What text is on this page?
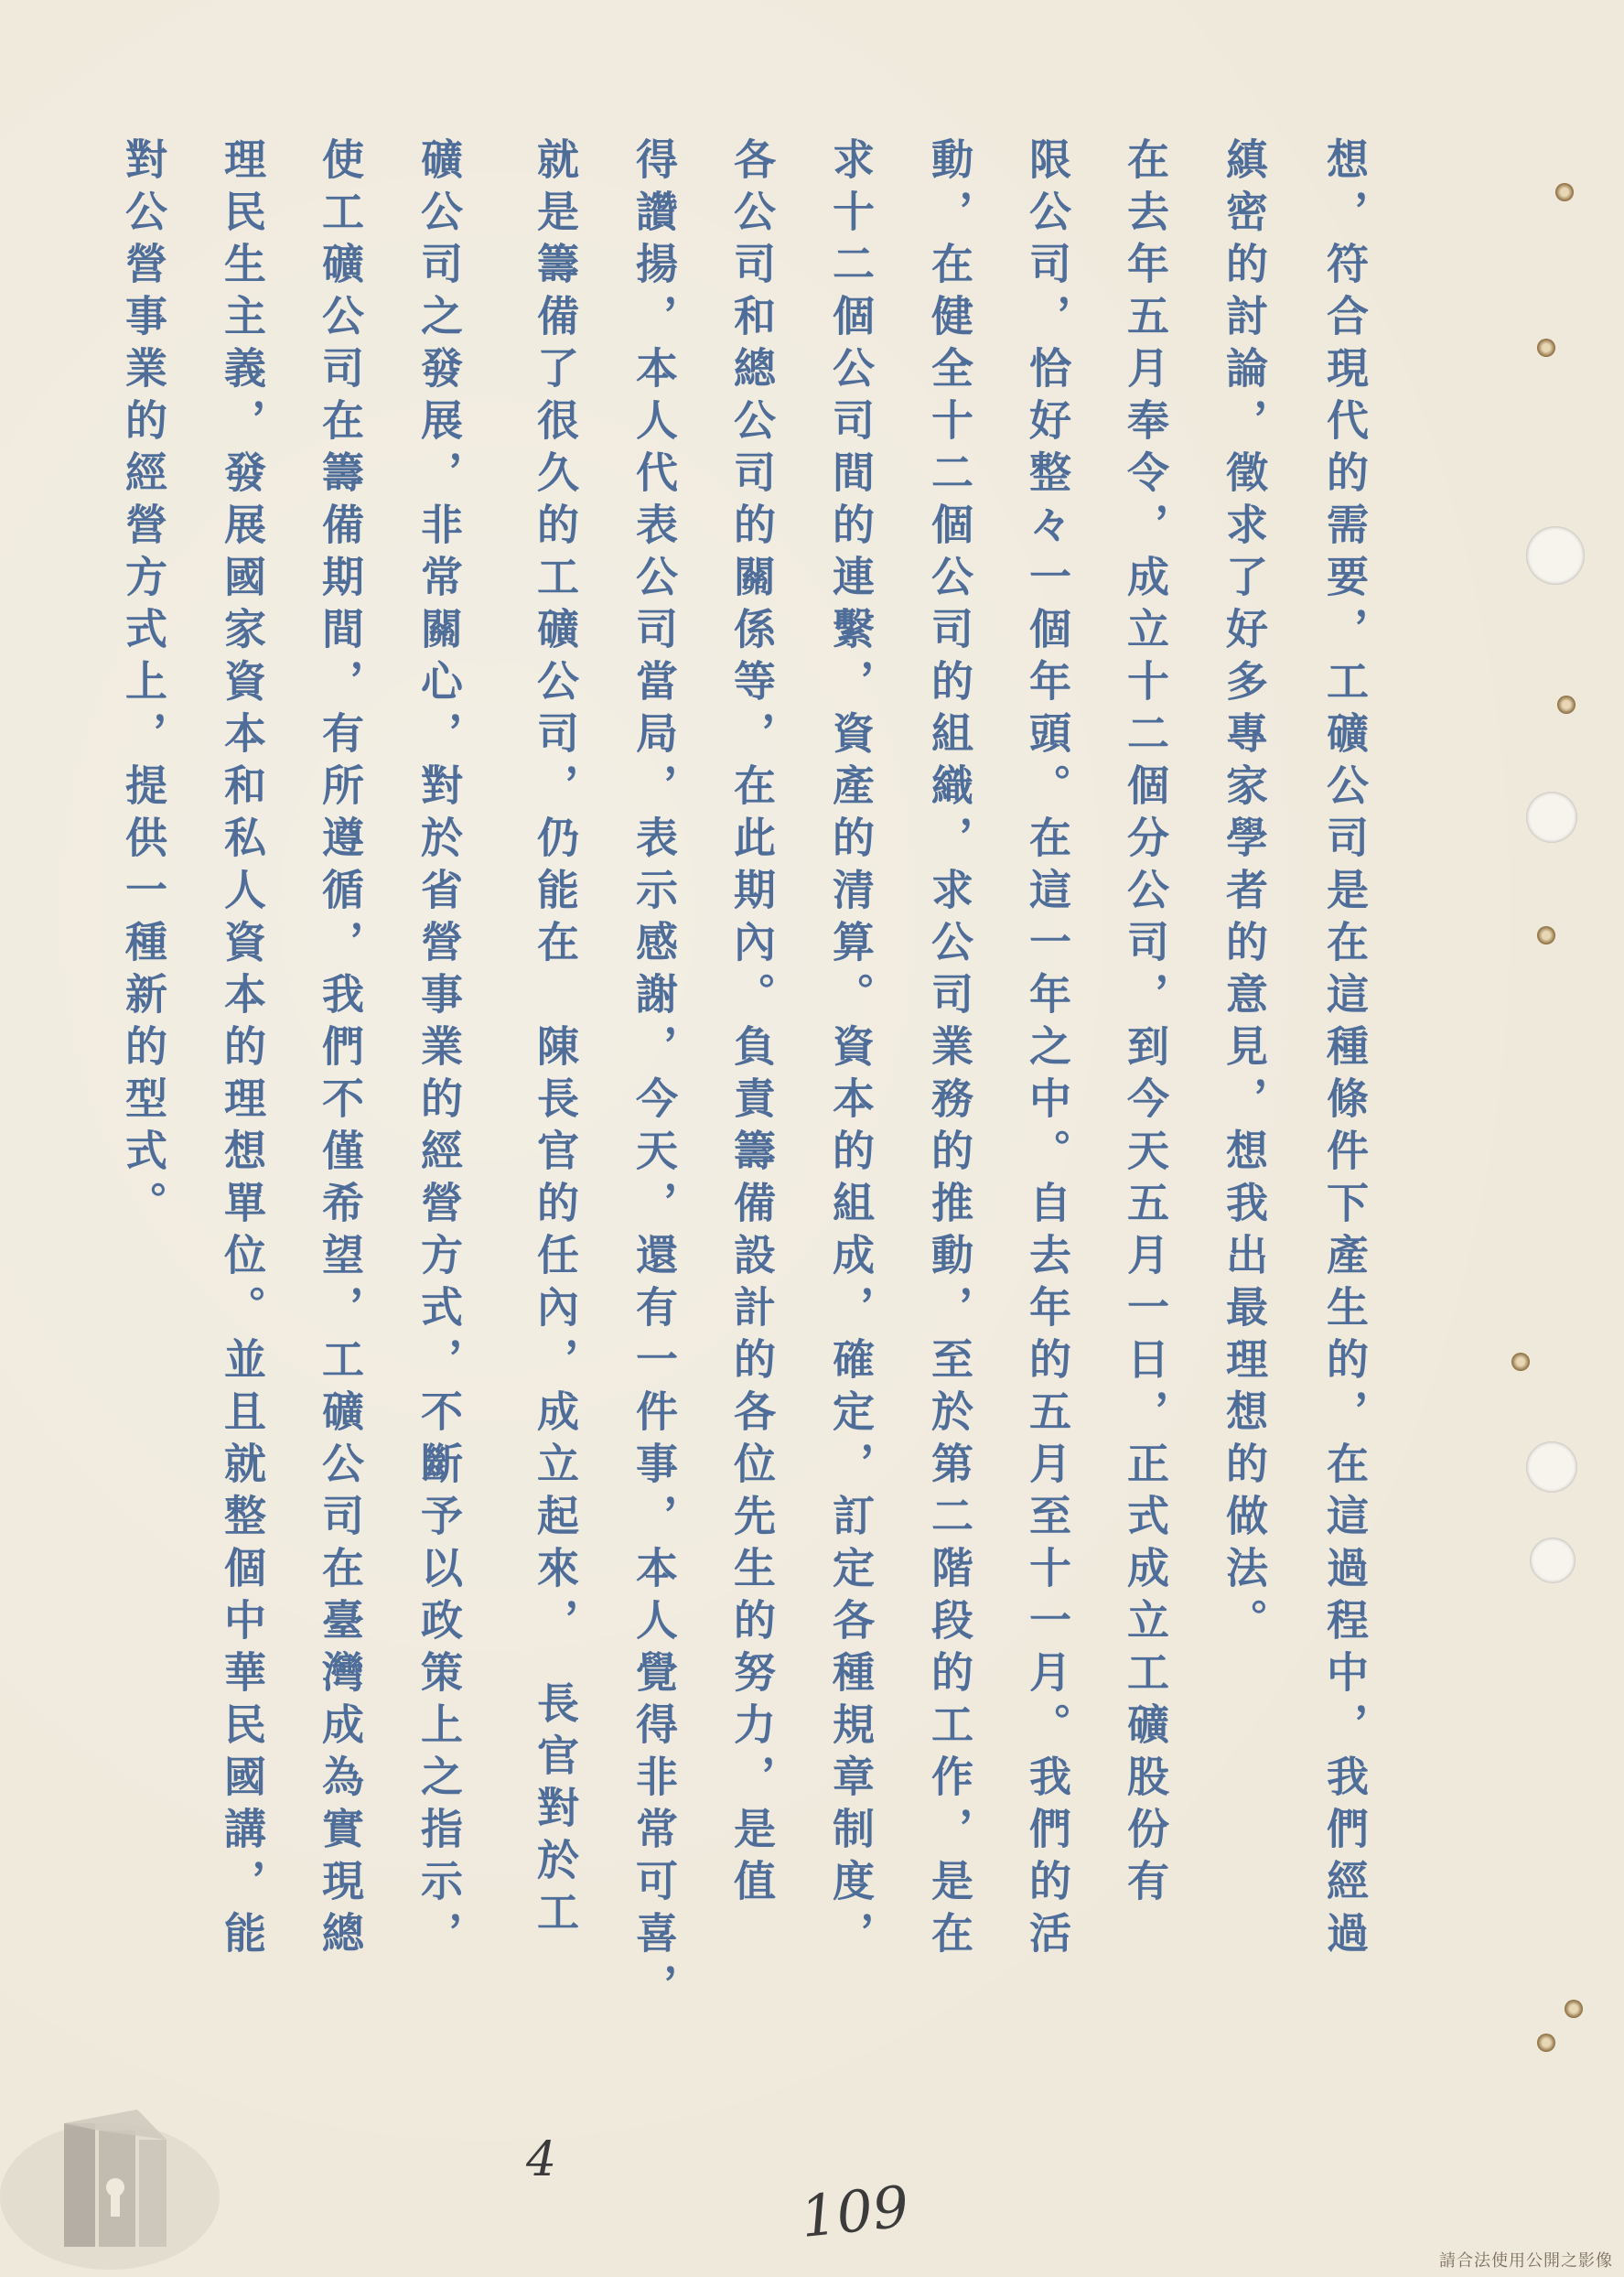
想，符合現代的需要，工礦公司是在這種條件下產生的，在這過程中，我們經過
縝密的討論，徵求了好多專家學者的意見，想我出最理想的做法。
在去年五月奉令，成立十二個分公司，到今天五月一日，正式成立工礦股份有
限公司，恰好整々一個年頭。在這一年之中。自去年的五月至十一月。我們的活
動，在健全十二個公司的組織，求公司業務的推動，至於第二階段的工作，是在
求十二個公司間的連繫，資產的清算。資本的組成，確定，訂定各種規章制度，
各公司和總公司的關係等，在此期內。負責籌備設計的各位先生的努力，是值
得讚揚，本人代表公司當局，表示感謝，今天，還有一件事，本人覺得非常可喜，
就是籌備了很久的工礦公司，仍能在　陳長官的任內，成立起來，　長官對於工
礦公司之發展，非常關心，對於省營事業的經營方式，不斷予以政策上之指示，
使工礦公司在籌備期間，有所遵循，我們不僅希望，工礦公司在臺灣成為實現總
理民生主義，發展國家資本和私人資本的理想單位。並且就整個中華民國講，能
對公營事業的經營方式上，提供一種新的型式。
4
109
請合法使用公開之影像
